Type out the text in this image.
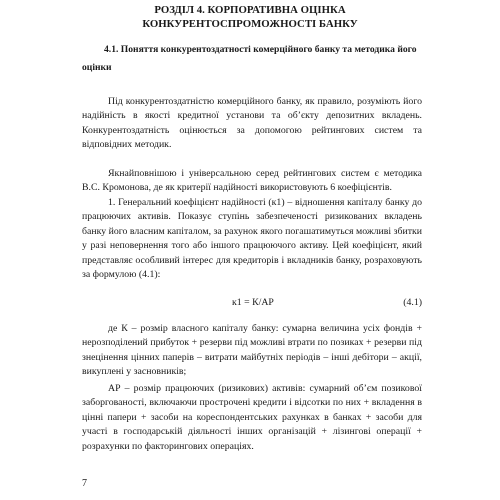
РОЗДІЛ 4. КОРПОРАТИВНА ОЦІНКА

КОНКУРЕНТОСПРОМОЖНОСТІ БАНКУ

4.1. Поняття конкурентоздатності комерційного банку та методика його

оцінки

Під конкурентоздатністю комерційного банку, як правило, розуміють його надійність в якості кредитної установи та об’єкту депозитних вкладень. Конкурентоздатність оцінюється за допомогою рейтингових систем та відповідних методик.

Якнайповнішою і універсальною серед рейтингових систем є методика В.С. Кромонова, де як критерії надійності використовують 6 коефіцієнтів.

1. Генеральний коефіцієнт надійності (к1) – відношення капіталу банку до працюючих активів. Показує ступінь забезпеченості ризикованих вкладень банку його власним капіталом, за рахунок якого погашатимуться можливі збитки у разі неповернення того або іншого працюючого активу. Цей коефіцієнт, який представляє особливий інтерес для кредиторів і вкладників банку, розраховують за формулою (4.1):

к1 = К/АР	(4.1)

де К – розмір власного капіталу банку: сумарна величина усіх фондів + нерозподілений прибуток + резерви під можливі втрати по позиках + резерви під знецінення цінних паперів – витрати майбутніх періодів – інші дебітори – акції, викуплені у засновників;

АР – розмір працюючих (ризикових) активів: сумарний об’єм позикової заборгованості, включаючи прострочені кредити і відсотки по них + вкладення в цінні папери + засоби на кореспондентських рахунках в банках + засоби для участі в господарській діяльності інших організацій + лізингові операції + розрахунки по факторингових операціях.

7
